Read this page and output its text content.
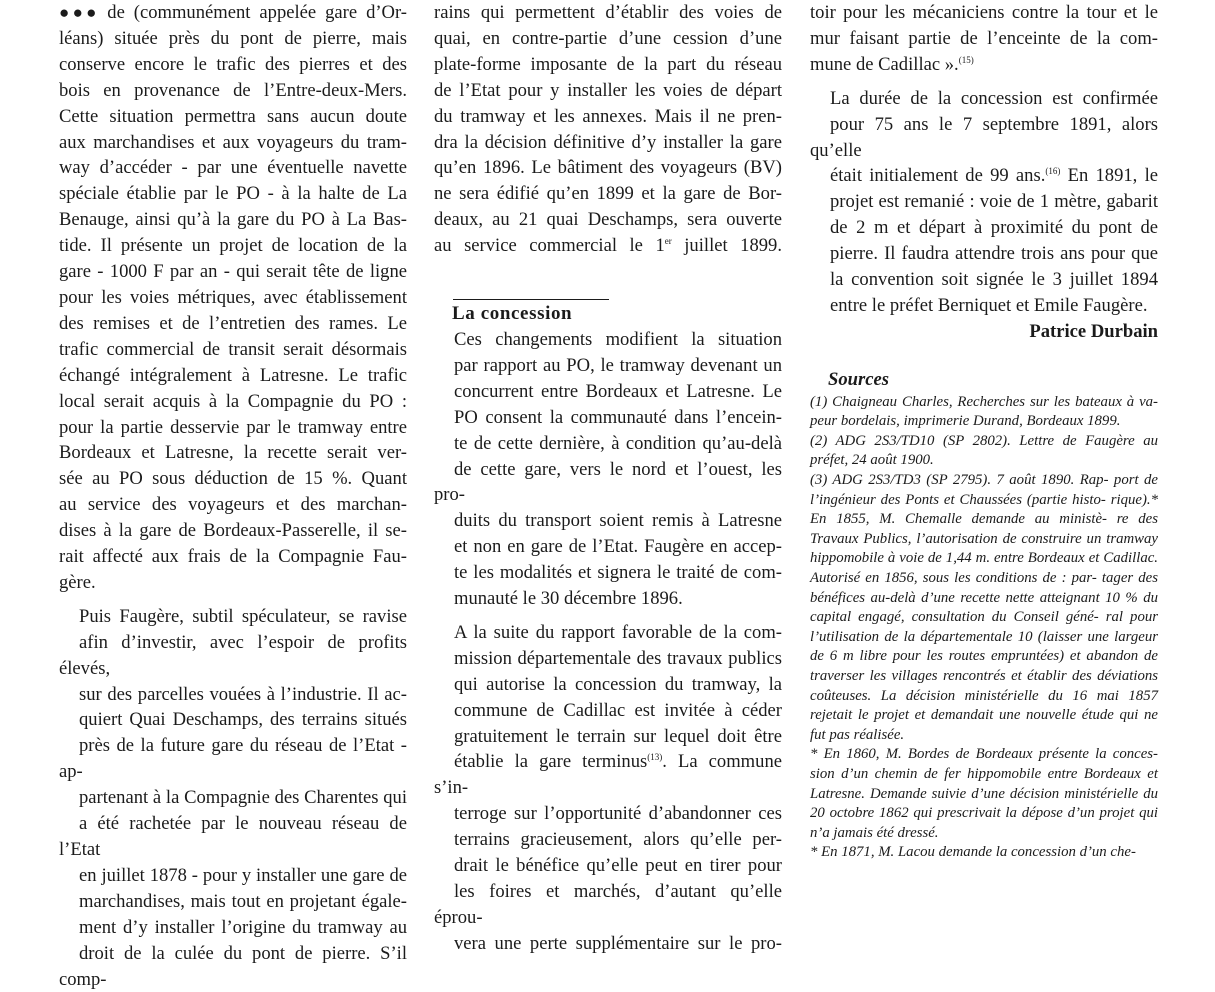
●●● de (communément appelée gare d’Or-
léans) située près du pont de pierre, mais
conserve encore le trafic des pierres et des
bois en provenance de l’Entre-deux-Mers.
Cette situation permettra sans aucun doute
aux marchandises et aux voyageurs du tram-
way d’accéder - par une éventuelle navette
spéciale établie par le PO - à la halte de La
Benauge, ainsi qu’à la gare du PO à La Bas-
tide. Il présente un projet de location de la
gare - 1000 F par an - qui serait tête de ligne
pour les voies métriques, avec établissement
des remises et de l’entretien des rames. Le
trafic commercial de transit serait désormais
échangé intégralement à Latresne. Le trafic
local serait acquis à la Compagnie du PO :
pour la partie desservie par le tramway entre
Bordeaux et Latresne, la recette serait ver-
sée au PO sous déduction de 15 %. Quant
au service des voyageurs et des marchan-
dises à la gare de Bordeaux-Passerelle, il se-
rait affecté aux frais de la Compagnie Fau-
gère.

Puis Faugère, subtil spéculateur, se ravise
afin d’investir, avec l’espoir de profits élevés,
sur des parcelles vouées à l’industrie. Il ac-
quiert Quai Deschamps, des terrains situés
près de la future gare du réseau de l’Etat - ap-
partenant à la Compagnie des Charentes qui
a été rachetée par le nouveau réseau de l’Etat
en juillet 1878 - pour y installer une gare de
marchandises, mais tout en projetant égale-
ment d’y installer l’origine du tramway au
droit de la culée du pont de pierre. S’il comp-

rains qui permettent d’établir des voies de
quai, en contre-partie d’une cession d’une
plate-forme imposante de la part du réseau
de l’Etat pour y installer les voies de départ
du tramway et les annexes. Mais il ne pren-
dra la décision définitive d’y installer la gare
qu’en 1896. Le bâtiment des voyageurs (BV)
ne sera édifié qu’en 1899 et la gare de Bor-
deaux, au 21 quai Deschamps, sera ouverte
au service commercial le 1er juillet 1899.

La concession

Ces changements modifient la situation
par rapport au PO, le tramway devenant un
concurrent entre Bordeaux et Latresne. Le
PO consent la communauté dans l’encein-
te de cette dernière, à condition qu’au-delà
de cette gare, vers le nord et l’ouest, les pro-
duits du transport soient remis à Latresne
et non en gare de l’Etat. Faugère en accep-
te les modalités et signera le traité de com-
munauté le 30 décembre 1896.

A la suite du rapport favorable de la com-
mission départementale des travaux publics
qui autorise la concession du tramway, la
commune de Cadillac est invitée à céder
gratuitement le terrain sur lequel doit être
établie la gare terminus$^{(13)}$. La commune s’in-
terroge sur l’opportunité d’abandonner ces
terrains gracieusement, alors qu’elle per-
drait le bénéfice qu’elle peut en tirer pour
les foires et marchés, d’autant qu’elle éprou-
vera une perte supplémentaire sur le pro-

toir pour les mécaniciens contre la tour et le
mur faisant partie de l’enceinte de la com-
mune de Cadillac ».$^{(15)}$

La durée de la concession est confirmée
pour 75 ans le 7 septembre 1891, alors qu’elle
était initialement de 99 ans.$^{(16)}$ En 1891, le
projet est remanié : voie de 1 mètre, gabarit
de 2 m et départ à proximité du pont de
pierre. Il faudra attendre trois ans pour que
la convention soit signée le 3 juillet 1894
entre le préfet Berniquet et Emile Faugère.

Patrice Durbain

Sources

(1) Chaigneau Charles, Recherches sur les bateaux à va- peur bordelais, imprimerie Durand, Bordeaux 1899.

(2) ADG 2S3/TD10 (SP 2802). Lettre de Faugère au préfet, 24 août 1900.

(3) ADG 2S3/TD3 (SP 2795). 7 août 1890. Rap- port de l’ingénieur des Ponts et Chaussées (partie histo- rique).* En 1855, M. Chemalle demande au ministè- re des Travaux Publics, l’autorisation de construire un tramway hippomobile à voie de 1,44 m. entre Bordeaux et Cadillac. Autorisé en 1856, sous les conditions de : par- tager des bénéfices au-delà d’une recette nette atteignant 10 % du capital engagé, consultation du Conseil géné- ral pour l’utilisation de la départementale 10 (laisser une largeur de 6 m libre pour les routes empruntées) et abandon de traverser les villages rencontrés et établir des déviations coûteuses. La décision ministérielle du 16 mai 1857 rejetait le projet et demandait une nouvelle étude qui ne fut pas réalisée.

* En 1860, M. Bordes de Bordeaux présente la conces- sion d’un chemin de fer hippomobile entre Bordeaux et Latresne. Demande suivie d’une décision ministérielle du 20 octobre 1862 qui prescrivait la dépose d’un projet qui n’a jamais été dressé.

* En 1871, M. Lacou demande la concession d’un che-
